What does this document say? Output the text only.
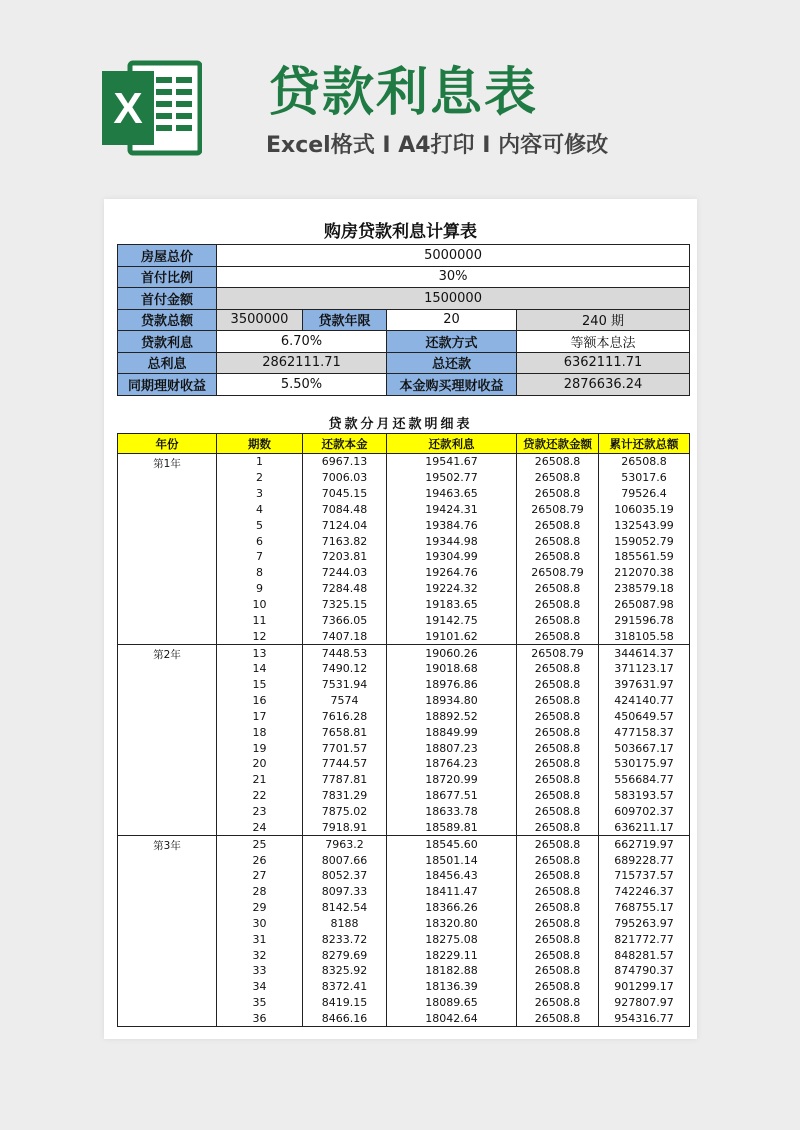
X 贷款利息表
Excel格式 I A4打印 I 内容可修改
购房贷款利息计算表
房屋总价	5000000			
首付比例	30%			
首付金额	1500000			
贷款总额	3500000	贷款年限	20	240 期
贷款利息	6.70%		还款方式	等额本息法
总利息	2862111.71		总还款	6362111.71
同期理财收益	5.50%		本金购买理财收益	2876636.24
贷款分月还款明细表
年份	期数	还款本金	还款利息	贷款还款金额	累计还款总额
第1年	1	6967.13	19541.67	26508.8	26508.8
	2	7006.03	19502.77	26508.8	53017.6
	3	7045.15	19463.65	26508.8	79526.4
	4	7084.48	19424.31	26508.79	106035.19
	5	7124.04	19384.76	26508.8	132543.99
	6	7163.82	19344.98	26508.8	159052.79
	7	7203.81	19304.99	26508.8	185561.59
	8	7244.03	19264.76	26508.79	212070.38
	9	7284.48	19224.32	26508.8	238579.18
	10	7325.15	19183.65	26508.8	265087.98
	11	7366.05	19142.75	26508.8	291596.78
	12	7407.18	19101.62	26508.8	318105.58
第2年	13	7448.53	19060.26	26508.79	344614.37
	14	7490.12	19018.68	26508.8	371123.17
	15	7531.94	18976.86	26508.8	397631.97
	16	7574	18934.80	26508.8	424140.77
	17	7616.28	18892.52	26508.8	450649.57
	18	7658.81	18849.99	26508.8	477158.37
	19	7701.57	18807.23	26508.8	503667.17
	20	7744.57	18764.23	26508.8	530175.97
	21	7787.81	18720.99	26508.8	556684.77
	22	7831.29	18677.51	26508.8	583193.57
	23	7875.02	18633.78	26508.8	609702.37
	24	7918.91	18589.81	26508.8	636211.17
第3年	25	7963.2	18545.60	26508.8	662719.97
	26	8007.66	18501.14	26508.8	689228.77
	27	8052.37	18456.43	26508.8	715737.57
	28	8097.33	18411.47	26508.8	742246.37
	29	8142.54	18366.26	26508.8	768755.17
	30	8188	18320.80	26508.8	795263.97
	31	8233.72	18275.08	26508.8	821772.77
	32	8279.69	18229.11	26508.8	848281.57
	33	8325.92	18182.88	26508.8	874790.37
	34	8372.41	18136.39	26508.8	901299.17
	35	8419.15	18089.65	26508.8	927807.97
	36	8466.16	18042.64	26508.8	954316.77
